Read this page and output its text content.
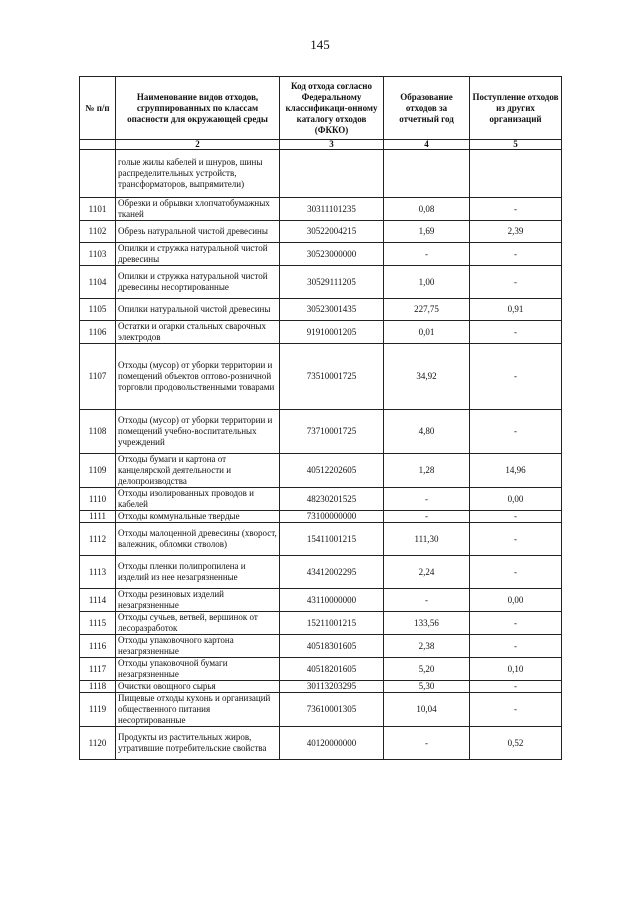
145
№ п/п	Наименование видов отходов, сгруппированных по классам опасности для окружающей среды	Код отхода согласно Федеральному классификаци-онному каталогу отходов (ФККО)	Образование отходов за отчетный год	Поступление отходов из других организаций
	2	3	4	5
	голые жилы кабелей и шнуров, шины распределительных устройств, трансформаторов, выпрямители)			
1101	Обрезки и обрывки хлопчатобумажных тканей	30311101235	0,08	-
1102	Обрезь натуральной чистой древесины	30522004215	1,69	2,39
1103	Опилки и стружка натуральной чистой древесины	30523000000	-	-
1104	Опилки и стружка натуральной чистой древесины несортированные	30529111205	1,00	-
1105	Опилки натуральной чистой древесины	30523001435	227,75	0,91
1106	Остатки и огарки стальных сварочных электродов	91910001205	0,01	-
1107	Отходы (мусор) от уборки территории и помещений объектов оптово-розничной торговли продовольственными товарами	73510001725	34,92	-
1108	Отходы (мусор) от уборки территории и помещений учебно-воспитательных учреждений	73710001725	4,80	-
1109	Отходы бумаги и картона от канцелярской деятельности и делопроизводства	40512202605	1,28	14,96
1110	Отходы изолированных проводов и кабелей	48230201525	-	0,00
1111	Отходы коммунальные твердые	73100000000	-	-
1112	Отходы малоценной древесины (хворост, валежник, обломки стволов)	15411001215	111,30	-
1113	Отходы пленки полипропилена и изделий из нее незагрязненные	43412002295	2,24	-
1114	Отходы резиновых изделий незагрязненные	43110000000	-	0,00
1115	Отходы сучьев, ветвей, вершинок от лесоразработок	15211001215	133,56	-
1116	Отходы упаковочного картона незагрязненные	40518301605	2,38	-
1117	Отходы упаковочной бумаги незагрязненные	40518201605	5,20	0,10
1118	Очистки овощного сырья	30113203295	5,30	-
1119	Пищевые отходы кухонь и организаций общественного питания несортированные	73610001305	10,04	-
1120	Продукты из растительных жиров, утратившие потребительские свойства	40120000000	-	0,52
